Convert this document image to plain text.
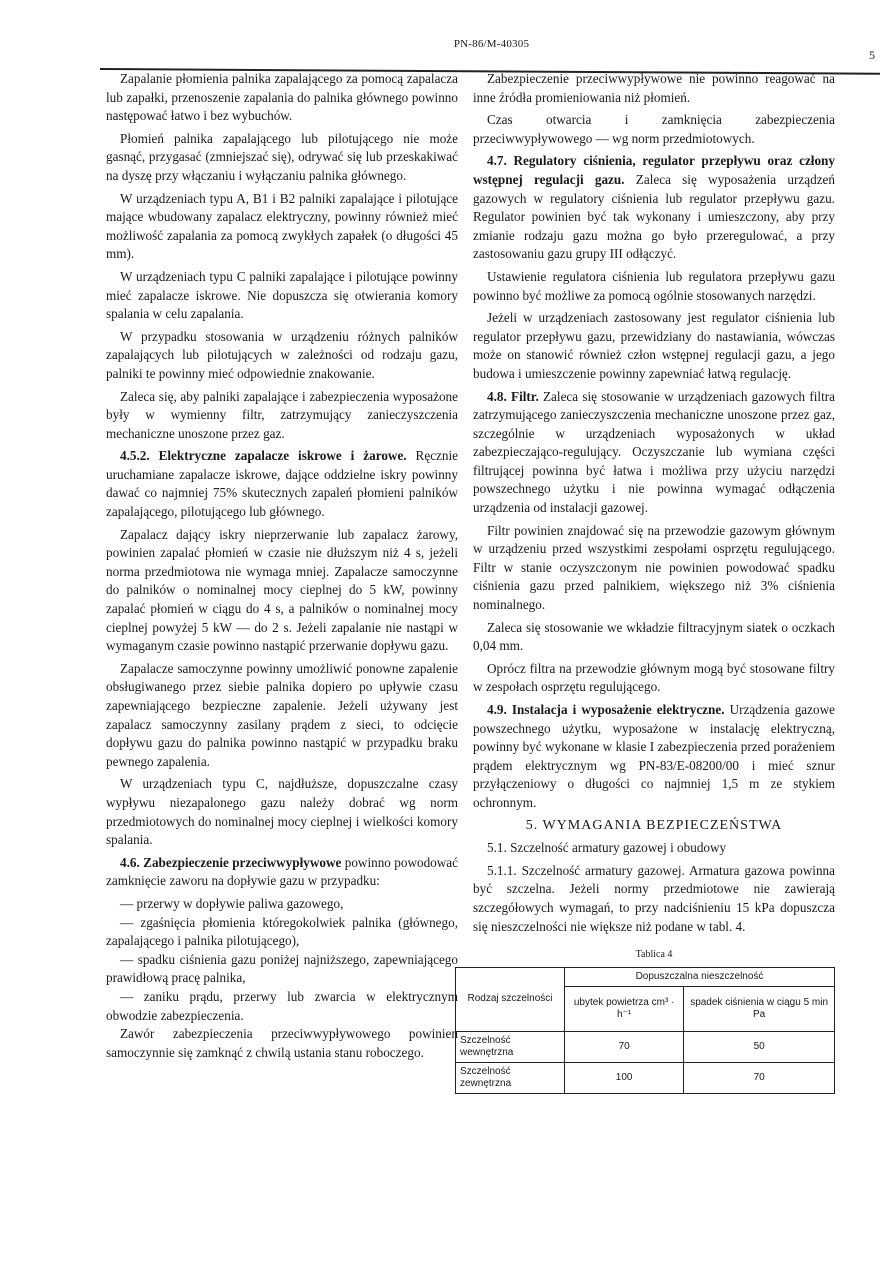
PN-86/M-40305
5

Zapalanie płomienia palnika zapalającego za pomocą zapalacza lub zapałki, przenoszenie zapalania do palnika głównego powinno następować łatwo i bez wybuchów.

Płomień palnika zapalającego lub pilotującego nie może gasnąć, przygasać (zmniejszać się), odrywać się lub przeskakiwać na dyszę przy włączaniu i wyłączaniu palnika głównego.

W urządzeniach typu A, B1 i B2 palniki zapalające i pilotujące mające wbudowany zapalacz elektryczny, powinny również mieć możliwość zapalania za pomocą zwykłych zapałek (o długości 45 mm).

W urządzeniach typu C palniki zapalające i pilotujące powinny mieć zapalacze iskrowe. Nie dopuszcza się otwierania komory spalania w celu zapalania.

W przypadku stosowania w urządzeniu różnych palników zapalających lub pilotujących w zależności od rodzaju gazu, palniki te powinny mieć odpowiednie znakowanie.

Zaleca się, aby palniki zapalające i zabezpieczenia wyposażone były w wymienny filtr, zatrzymujący zanieczyszczenia mechaniczne unoszone przez gaz.

4.5.2. Elektryczne zapalacze iskrowe i żarowe. Ręcznie uruchamiane zapalacze iskrowe, dające oddzielne iskry powinny dawać co najmniej 75% skutecznych zapaleń płomieni palników zapalającego, pilotującego lub głównego.

Zapalacz dający iskry nieprzerwanie lub zapalacz żarowy, powinien zapalać płomień w czasie nie dłuższym niż 4 s, jeżeli norma przedmiotowa nie wymaga mniej. Zapalacze samoczynne do palników o nominalnej mocy cieplnej do 5 kW, powinny zapalać płomień w ciągu do 4 s, a palników o nominalnej mocy cieplnej powyżej 5 kW — do 2 s. Jeżeli zapalanie nie nastąpi w wymaganym czasie powinno nastąpić przerwanie dopływu gazu.

Zapalacze samoczynne powinny umożliwić ponowne zapalenie obsługiwanego przez siebie palnika dopiero po upływie czasu zapewniającego bezpieczne zapalenie. Jeżeli używany jest zapalacz samoczynny zasilany prądem z sieci, to odcięcie dopływu gazu do palnika powinno nastąpić w przypadku braku pewnego zapalenia.

W urządzeniach typu C, najdłuższe, dopuszczalne czasy wypływu niezapalonego gazu należy dobrać wg norm przedmiotowych do nominalnej mocy cieplnej i wielkości komory spalania.

4.6. Zabezpieczenie przeciwwypływowe powinno powodować zamknięcie zaworu na dopływie gazu w przypadku:

— przerwy w dopływie paliwa gazowego,

— zgaśnięcia płomienia któregokolwiek palnika (głównego, zapalającego i palnika pilotującego),

— spadku ciśnienia gazu poniżej najniższego, zapewniającego prawidłową pracę palnika,

— zaniku prądu, przerwy lub zwarcia w elektrycznym obwodzie zabezpieczenia.

Zawór zabezpieczenia przeciwwypływowego powinien samoczynnie się zamknąć z chwilą ustania stanu roboczego.

Zabezpieczenie przeciwwypływowe nie powinno reagować na inne źródła promieniowania niż płomień.

Czas otwarcia i zamknięcia zabezpieczenia przeciwwypływowego — wg norm przedmiotowych.

4.7. Regulatory ciśnienia, regulator przepływu oraz człony wstępnej regulacji gazu. Zaleca się wyposażenia urządzeń gazowych w regulatory ciśnienia lub regulator przepływu gazu. Regulator powinien być tak wykonany i umieszczony, aby przy zmianie rodzaju gazu można go było przeregulować, a przy zastosowaniu gazu grupy III odłączyć.

Ustawienie regulatora ciśnienia lub regulatora przepływu gazu powinno być możliwe za pomocą ogólnie stosowanych narzędzi.

Jeżeli w urządzeniach zastosowany jest regulator ciśnienia lub regulator przepływu gazu, przewidziany do nastawiania, wówczas może on stanowić również człon wstępnej regulacji gazu, a jego budowa i umieszczenie powinny zapewniać łatwą regulację.

4.8. Filtr. Zaleca się stosowanie w urządzeniach gazowych filtra zatrzymującego zanieczyszczenia mechaniczne unoszone przez gaz, szczególnie w urządzeniach wyposażonych w układ zabezpieczająco-regulujący. Oczyszczanie lub wymiana części filtrującej powinna być łatwa i możliwa przy użyciu narzędzi powszechnego użytku i nie powinna wymagać odłączenia urządzenia od instalacji gazowej.

Filtr powinien znajdować się na przewodzie gazowym głównym w urządzeniu przed wszystkimi zespołami osprzętu regulującego. Filtr w stanie oczyszczonym nie powinien powodować spadku ciśnienia gazu przed palnikiem, większego niż 3% ciśnienia nominalnego.

Zaleca się stosowanie we wkładzie filtracyjnym siatek o oczkach 0,04 mm.

Oprócz filtra na przewodzie głównym mogą być stosowane filtry w zespołach osprzętu regulującego.

4.9. Instalacja i wyposażenie elektryczne. Urządzenia gazowe powszechnego użytku, wyposażone w instalację elektryczną, powinny być wykonane w klasie I zabezpieczenia przed porażeniem prądem elektrycznym wg PN-83/E-08200/00 i mieć sznur przyłączeniowy o długości co najmniej 1,5 m ze stykiem ochronnym.

5. WYMAGANIA BEZPIECZEŃSTWA

5.1. Szczelność armatury gazowej i obudowy

5.1.1. Szczelność armatury gazowej. Armatura gazowa powinna być szczelna. Jeżeli normy przedmiotowe nie zawierają szczegółowych wymagań, to przy nadciśnieniu 15 kPa dopuszcza się nieszczelności nie większe niż podane w tabl. 4.

Tablica 4
Rodzaj szczelności	Dopuszczalna nieszczelność	
	ubytek powietrza cm³ · h⁻¹	spadek ciśnienia w ciągu 5 min Pa
Szczelność wewnętrzna	70	50
Szczelność zewnętrzna	100	70
